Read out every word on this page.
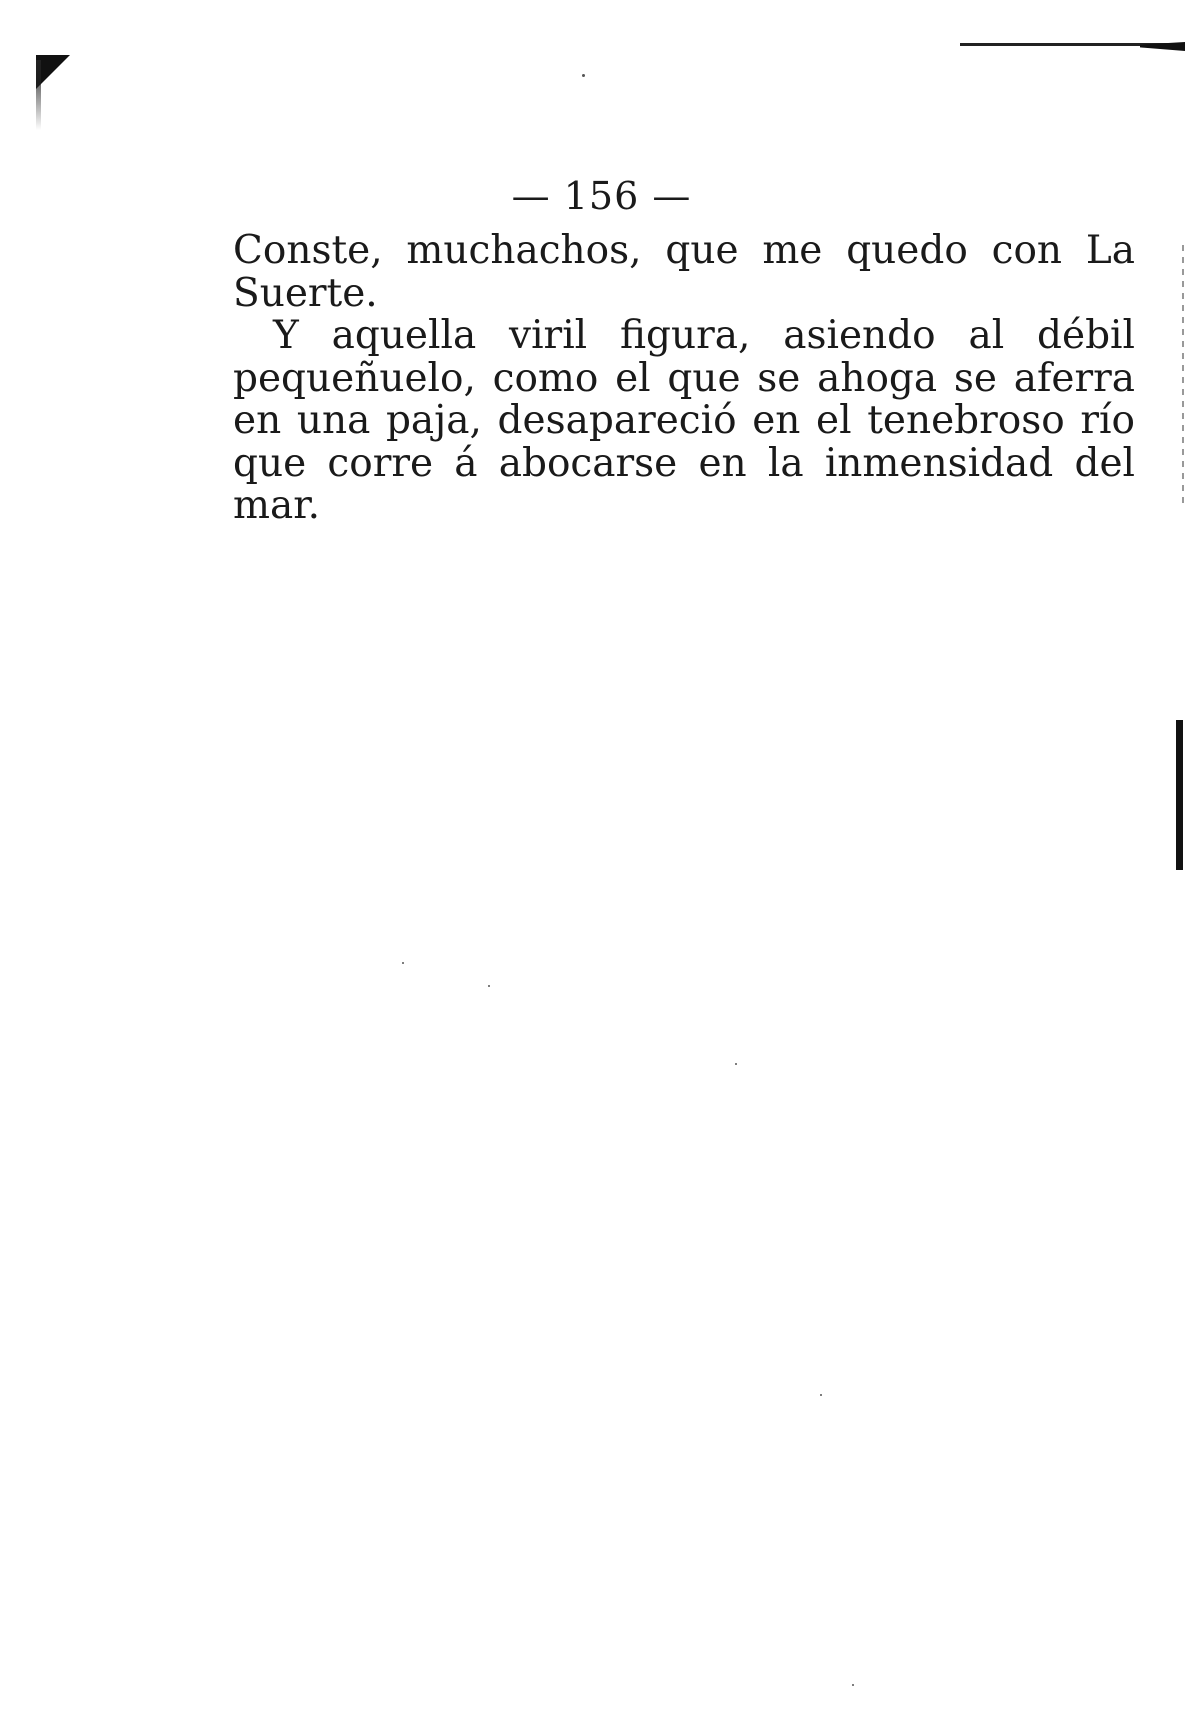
— 156 —

Conste, muchachos, que me quedo con La Suerte.

Y aquella viril figura, asiendo al débil pequeñuelo, como el que se ahoga se aferra en una paja, desapareció en el tenebroso río que corre á abocarse en la inmensidad del mar.
